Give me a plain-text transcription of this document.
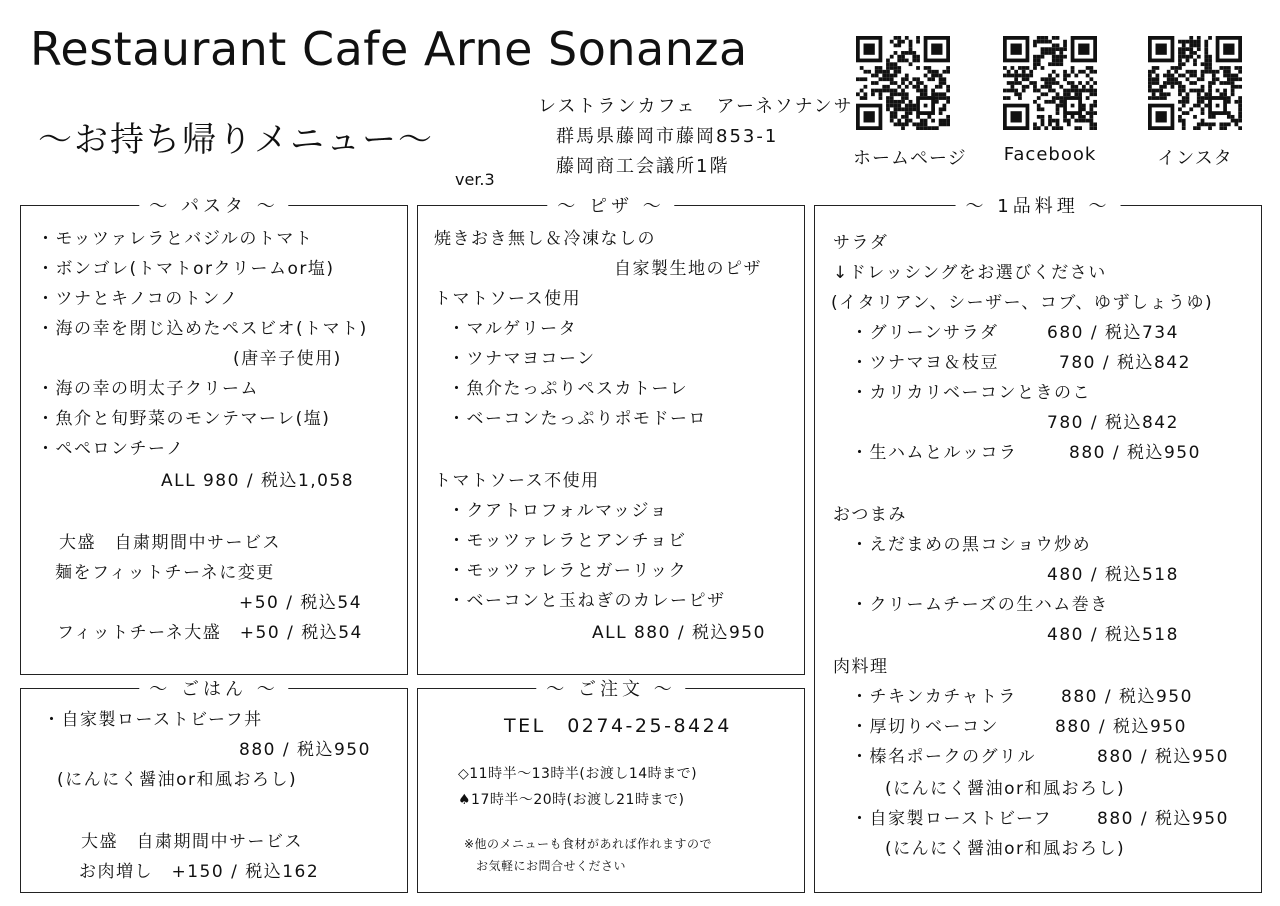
Restaurant Cafe Arne Sonanza
～お持ち帰りメニュー～
ver.3
レストランカフェ　アーネソナンサ
群馬県藤岡市藤岡853-1
藤岡商工会議所1階	ホームページ Facebook	インスタ
～ パスタ ～
・モッツァレラとバジルのトマト
・ボンゴレ(トマトorクリームor塩)
・ツナとキノコのトンノ
・海の幸を閉じ込めたペスビオ(トマト)
(唐辛子使用)
・海の幸の明太子クリーム
・魚介と旬野菜のモンテマーレ(塩)
・ペペロンチーノ
ALL 980 / 税込1,058
大盛　自粛期間中サービス
麺をフィットチーネに変更
+50 / 税込54
フィットチーネ大盛　+50 / 税込54
～ ごはん ～
・自家製ローストビーフ丼
880 / 税込950
(にんにく醤油or和風おろし)
大盛　自粛期間中サービス
お肉増し　+150 / 税込162
～ ピザ ～
焼きおき無し＆冷凍なしの
自家製生地のピザ
トマトソース使用
・マルゲリータ
・ツナマヨコーン
・魚介たっぷりペスカトーレ
・ベーコンたっぷりポモドーロ
トマトソース不使用
・クアトロフォルマッジョ
・モッツァレラとアンチョビ
・モッツァレラとガーリック
・ベーコンと玉ねぎのカレーピザ
ALL 880 / 税込950
～ ご注文 ～
TEL　0274-25-8424
◇11時半～13時半(お渡し14時まで)
♠17時半～20時(お渡し21時まで)
※他のメニューも食材があれば作れますので
お気軽にお問合せください
～ 1品料理 ～
サラダ
↓ドレッシングをお選びください
(イタリアン、シーザー、コブ、ゆずしょうゆ)
・グリーンサラダ	680 / 税込734
・ツナマヨ＆枝豆	780 / 税込842
・カリカリベーコンときのこ
780 / 税込842
・生ハムとルッコラ	880 / 税込950
おつまみ
・えだまめの黒コショウ炒め
480 / 税込518
・クリームチーズの生ハム巻き
480 / 税込518
肉料理
・チキンカチャトラ	880 / 税込950
・厚切りベーコン	880 / 税込950
・榛名ポークのグリル	880 / 税込950
(にんにく醤油or和風おろし)
・自家製ローストビーフ	880 / 税込950
(にんにく醤油or和風おろし)
